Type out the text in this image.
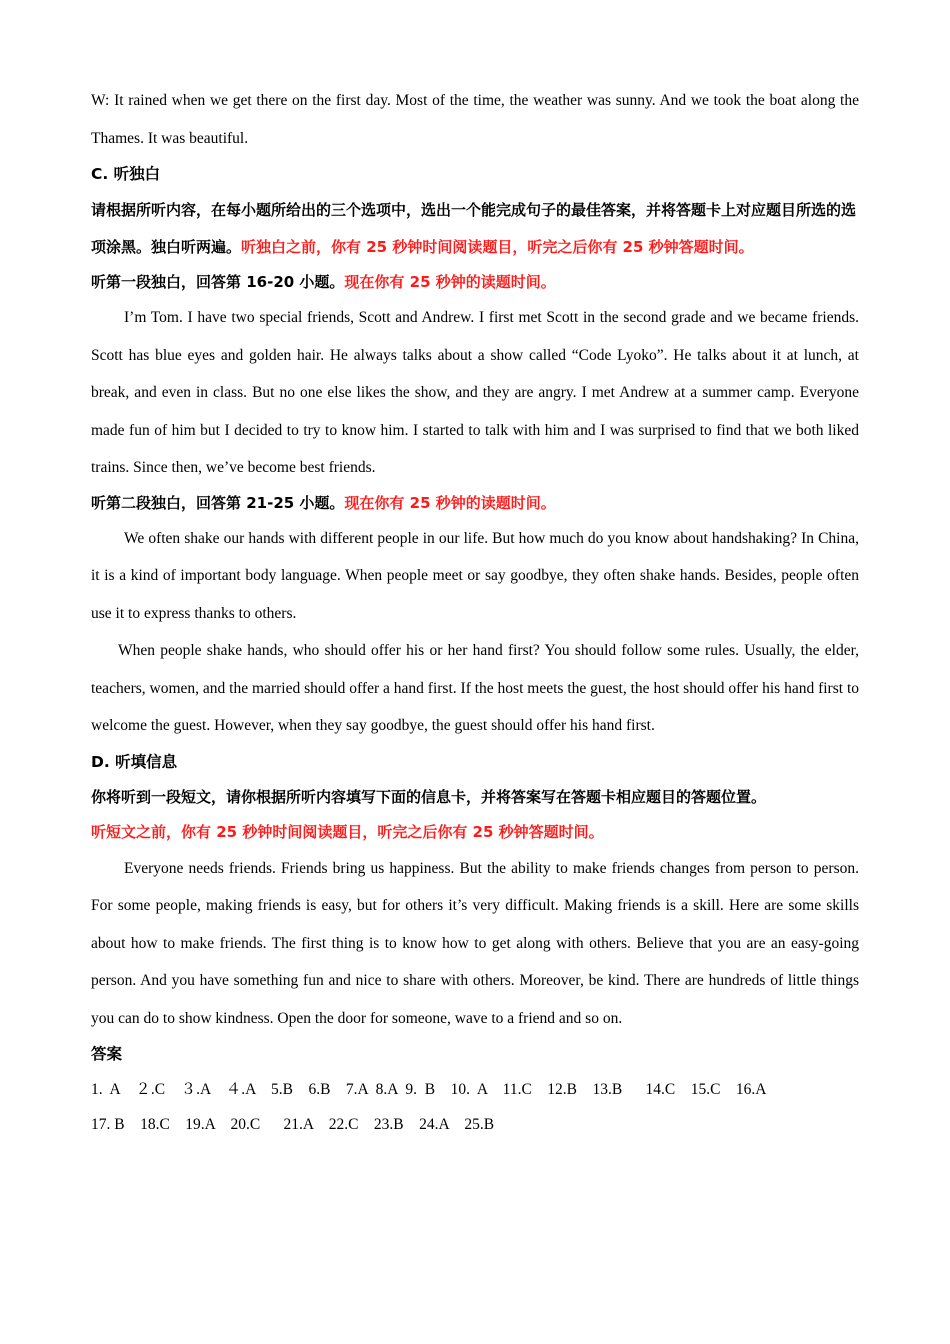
W: It rained when we get there on the first day. Most of the time, the weather was sunny. And we took the boat along the Thames. It was beautiful.

C. 听独白

请根据所听内容，在每小题所给出的三个选项中，选出一个能完成句子的最佳答案，并将答题卡上对应题目所选的选项涂黑。独白听两遍。听独白之前，你有 25 秒钟时间阅读题目，听完之后你有 25 秒钟答题时间。

听第一段独白，回答第 16-20 小题。现在你有 25 秒钟的读题时间。

I’m Tom. I have two special friends, Scott and Andrew. I first met Scott in the second grade and we became friends. Scott has blue eyes and golden hair. He always talks about a show called “Code Lyoko”. He talks about it at lunch, at break, and even in class. But no one else likes the show, and they are angry. I met Andrew at a summer camp. Everyone made fun of him but I decided to try to know him. I started to talk with him and I was surprised to find that we both liked trains. Since then, we’ve become best friends.

听第二段独白，回答第 21-25 小题。现在你有 25 秒钟的读题时间。

We often shake our hands with different people in our life. But how much do you know about handshaking? In China, it is a kind of important body language. When people meet or say goodbye, they often shake hands. Besides, people often use it to express thanks to others.

When people shake hands, who should offer his or her hand first? You should follow some rules. Usually, the elder, teachers, women, and the married should offer a hand first. If the host meets the guest, the host should offer his hand first to welcome the guest. However, when they say goodbye, the guest should offer his hand first.

D. 听填信息

你将听到一段短文，请你根据所听内容填写下面的信息卡，并将答案写在答题卡相应题目的答题位置。

听短文之前，你有 25 秒钟时间阅读题目，听完之后你有 25 秒钟答题时间。

Everyone needs friends. Friends bring us happiness. But the ability to make friends changes from person to person. For some people, making friends is easy, but for others it’s very difficult. Making friends is a skill. Here are some skills about how to make friends. The first thing is to know how to get along with others. Believe that you are an easy-going person. And you have something fun and nice to share with others. Moreover, be kind. There are hundreds of little things you can do to show kindness. Open the door for someone, wave to a friend and so on.

答案

1.  A    ２.C    ３.A    ４.A    5.B    6.B    7.A  8.A  9.  B    10.  A    11.C    12.B    13.B      14.C    15.C    16.A

17. B    18.C    19.A    20.C      21.A    22.C    23.B    24.A    25.B
